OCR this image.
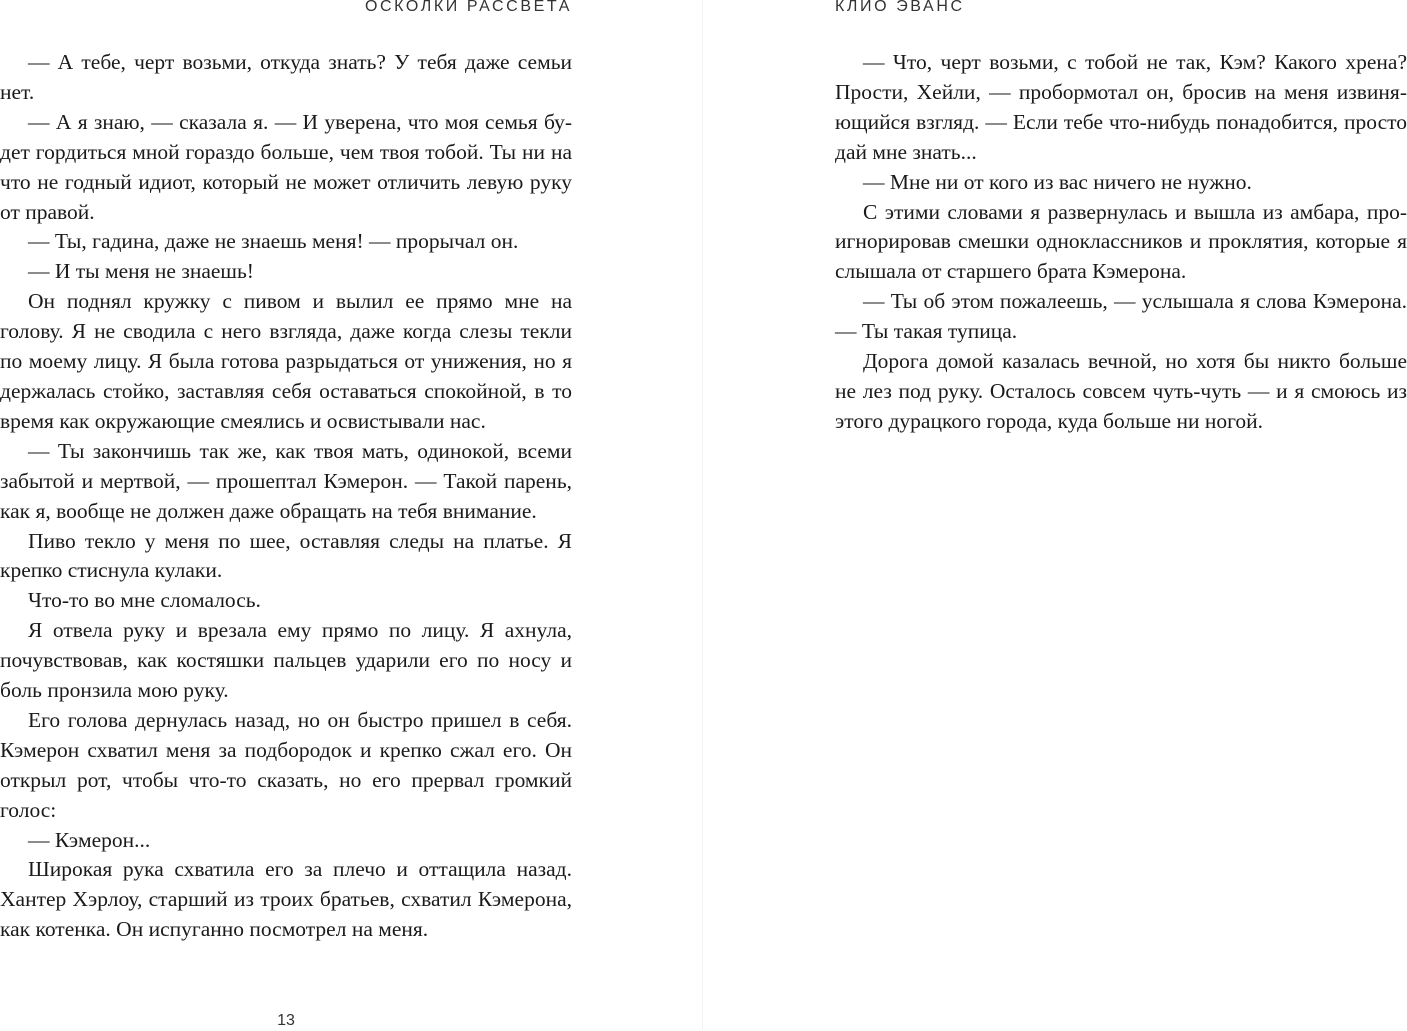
ОСКОЛКИ РАССВЕТА

— А тебе, черт возьми, откуда знать? У тебя даже семьи нет.

— А я знаю, — сказала я. — И уверена, что моя семья будет гордиться мной гораздо больше, чем твоя тобой. Ты ни на что не годный идиот, который не может отличить левую руку от правой.

— Ты, гадина, даже не знаешь меня! — прорычал он.

— И ты меня не знаешь!

Он поднял кружку с пивом и вылил ее прямо мне на голову. Я не сводила с него взгляда, даже когда слезы текли по моему лицу. Я была готова разрыдаться от унижения, но я держалась стойко, заставляя себя оставаться спокойной, в то время как окружающие смеялись и освистывали нас.

— Ты закончишь так же, как твоя мать, одинокой, всеми забытой и мертвой, — прошептал Кэмерон. — Такой парень, как я, вообще не должен даже обращать на тебя внимание.

Пиво текло у меня по шее, оставляя следы на платье. Я крепко стиснула кулаки.

Что-то во мне сломалось.

Я отвела руку и врезала ему прямо по лицу. Я ахнула, почувствовав, как костяшки пальцев ударили его по носу и боль пронзила мою руку.

Его голова дернулась назад, но он быстро пришел в себя. Кэмерон схватил меня за подбородок и крепко сжал его. Он открыл рот, чтобы что-то сказать, но его прервал громкий голос:

— Кэмерон...

Широкая рука схватила его за плечо и оттащила назад. Хантер Хэрлоу, старший из троих братьев, схватил Кэмерона, как котенка. Он испуганно посмотрел на меня.

13
КЛИО ЭВАНС

— Что, черт возьми, с тобой не так, Кэм? Какого хрена? Прости, Хейли, — пробормотал он, бросив на меня извиняющийся взгляд. — Если тебе что-нибудь понадобится, просто дай мне знать...

— Мне ни от кого из вас ничего не нужно.

С этими словами я развернулась и вышла из амбара, проигнорировав смешки одноклассников и проклятия, которые я слышала от старшего брата Кэмерона.

— Ты об этом пожалеешь, — услышала я слова Кэмерона. — Ты такая тупица.

Дорога домой казалась вечной, но хотя бы никто больше не лез под руку. Осталось совсем чуть-чуть — и я смоюсь из этого дурацкого города, куда больше ни ногой.
